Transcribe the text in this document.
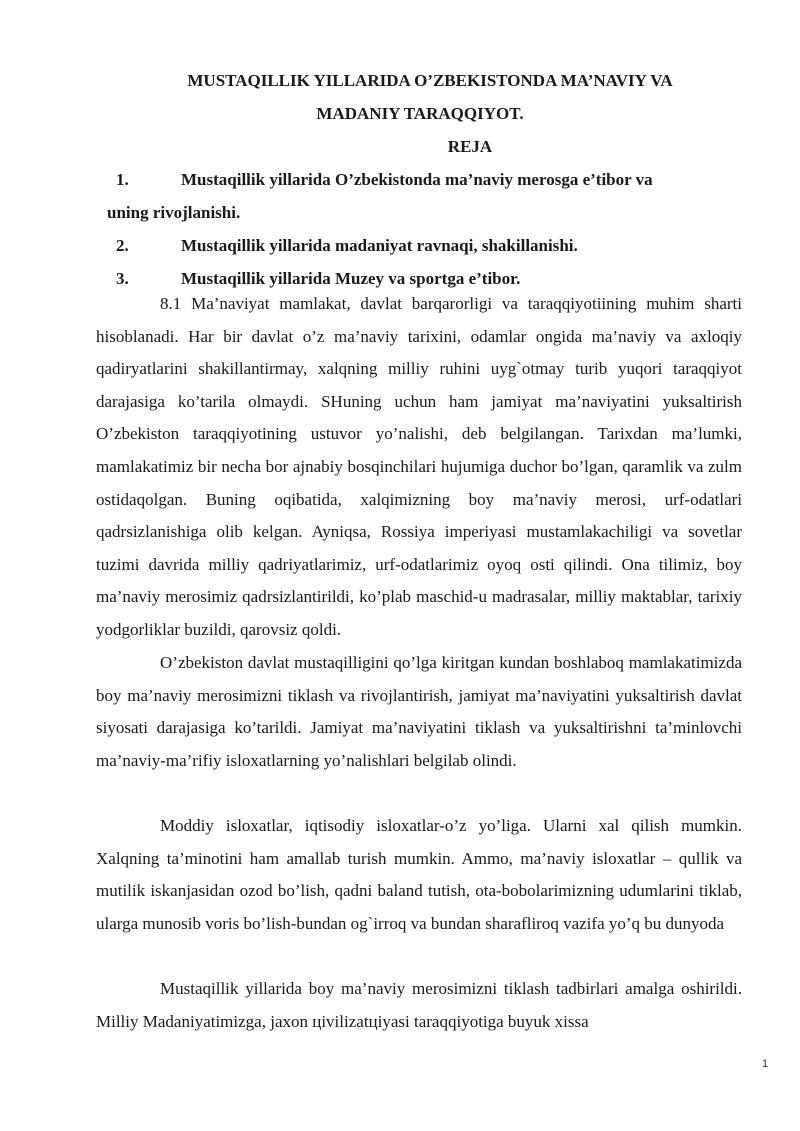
MUSTAQILLIK YILLARIDA O’ZBEKISTONDA MA’NAVIY VA

MADANIY TARAQQIYOT.

REJA

1.	Mustaqillik yillarida O’zbekistonda ma’naviy merosga e’tibor va

uning rivojlanishi.

2.	Mustaqillik yillarida madaniyat ravnaqi, shakillanishi.
3.	Mustaqillik yillarida Muzey va sportga e’tibor.

8.1 Ma’naviyat mamlakat, davlat barqarorligi va taraqqiyotiining muhim sharti hisoblanadi. Har bir davlat o’z ma’naviy tarixini, odamlar ongida ma’naviy va axloqiy qadiryatlarini shakillantirmay, xalqning milliy ruhini uyg`otmay turib yuqori taraqqiyot darajasiga ko’tarila olmaydi. SHuning uchun ham jamiyat ma’naviyatini yuksaltirish O’zbekiston taraqqiyotining ustuvor yo’nalishi, deb belgilangan. Tarixdan ma’lumki, mamlakatimiz bir necha bor ajnabiy bosqinchilari hujumiga duchor bo’lgan, qaramlik va zulm ostidaqolgan. Buning oqibatida, xalqimizning boy ma’naviy merosi, urf-odatlari qadrsizlanishiga olib kelgan. Ayniqsa, Rossiya imperiyasi mustamlakachiligi va sovetlar tuzimi davrida milliy qadriyatlarimiz, urf-odatlarimiz oyoq osti qilindi. Ona tilimiz, boy ma’naviy merosimiz qadrsizlantirildi, ko’plab maschid-u madrasalar, milliy maktablar, tarixiy yodgorliklar buzildi, qarovsiz qoldi.

O’zbekiston davlat mustaqilligini qo’lga kiritgan kundan boshlaboq mamlakatimizda boy ma’naviy merosimizni tiklash va rivojlantirish, jamiyat ma’naviyatini yuksaltirish davlat siyosati darajasiga ko’tarildi. Jamiyat ma’naviyatini tiklash va yuksaltirishni ta’minlovchi ma’naviy-ma’rifiy isloxatlarning yo’nalishlari belgilab olindi.

Moddiy isloxatlar, iqtisodiy isloxatlar-o’z yo’liga. Ularni xal qilish mumkin. Xalqning ta’minotini ham amallab turish mumkin. Ammo, ma’naviy isloxatlar – qullik va mutilik iskanjasidan ozod bo’lish, qadni baland tutish, ota-bobolarimizning udumlarini tiklab, ularga munosib voris bo’lish-bundan og`irroq va bundan sharafliroq vazifa yo’q bu dunyoda

Mustaqillik yillarida boy ma’naviy merosimizni tiklash tadbirlari amalga oshirildi. Milliy Madaniyatimizga, jaxon цivilizatцiyasi taraqqiyotiga buyuk xissa

1
